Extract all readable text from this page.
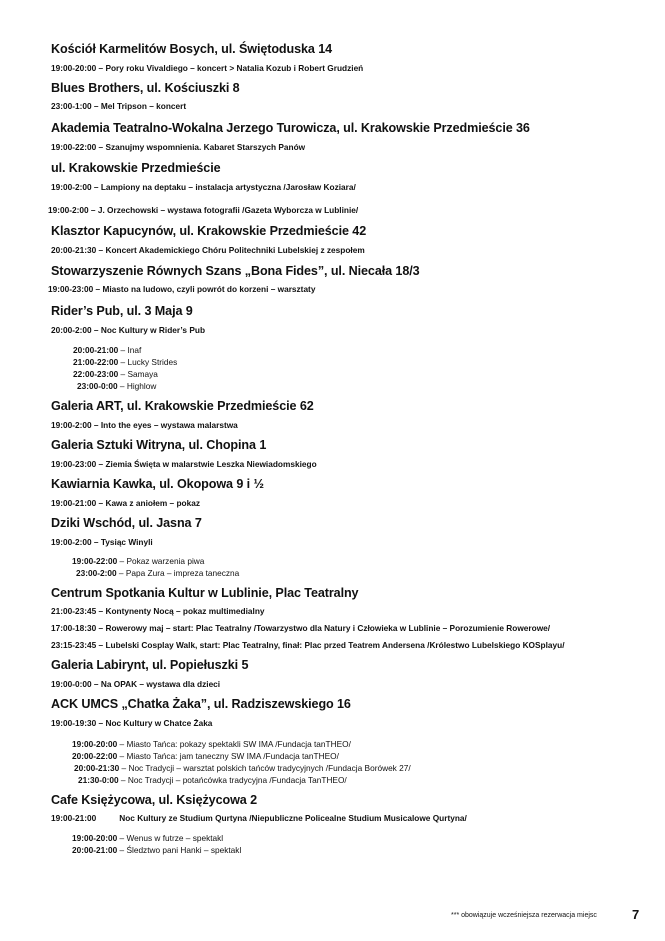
Kościół Karmelitów Bosych, ul. Świętoduska 14
19:00-20:00 – Pory roku Vivaldiego – koncert > Natalia Kozub i Robert Grudzień
Blues Brothers, ul. Kościuszki 8
23:00-1:00 – Mel Tripson – koncert
Akademia Teatralno-Wokalna Jerzego Turowicza, ul. Krakowskie Przedmieście 36
19:00-22:00 – Szanujmy wspomnienia. Kabaret Starszych Panów
ul. Krakowskie Przedmieście
19:00-2:00 – Lampiony na deptaku – instalacja artystyczna /Jarosław Koziara/
19:00-2:00 – J. Orzechowski – wystawa fotografii /Gazeta Wyborcza w Lublinie/
Klasztor Kapucynów, ul. Krakowskie Przedmieście 42
20:00-21:30 – Koncert Akademickiego Chóru Politechniki Lubelskiej z zespołem
Stowarzyszenie Równych Szans „Bona Fides”, ul. Niecała 18/3
19:00-23:00 – Miasto na ludowo, czyli powrót do korzeni – warsztaty
Rider’s Pub, ul. 3 Maja 9
20:00-2:00 – Noc Kultury w Rider’s Pub
20:00-21:00 – Inaf
21:00-22:00 – Lucky Strides
22:00-23:00 – Samaya
23:00-0:00 – Highlow
Galeria ART, ul. Krakowskie Przedmieście 62
19:00-2:00 – Into the eyes – wystawa malarstwa
Galeria Sztuki Witryna, ul. Chopina 1
19:00-23:00 – Ziemia Święta w malarstwie Leszka Niewiadomskiego
Kawiarnia Kawka, ul. Okopowa 9 i ½
19:00-21:00 – Kawa z aniołem – pokaz
Dziki Wschód, ul. Jasna 7
19:00-2:00 – Tysiąc Winyli
19:00-22:00 – Pokaz warzenia piwa
23:00-2:00 – Papa Zura – impreza taneczna
Centrum Spotkania Kultur w Lublinie, Plac Teatralny
21:00-23:45 – Kontynenty Nocą – pokaz multimedialny
17:00-18:30 – Rowerowy maj – start: Plac Teatralny /Towarzystwo dla Natury i Człowieka w Lublinie – Porozumienie Rowerowe/
23:15-23:45 – Lubelski Cosplay Walk, start: Plac Teatralny, finał: Plac przed Teatrem Andersena /Królestwo Lubelskiego KOSplayu/
Galeria Labirynt, ul. Popiełuszki 5
19:00-0:00 – Na OPAK – wystawa dla dzieci
ACK UMCS „Chatka Żaka”, ul. Radziszewskiego 16
19:00-19:30 – Noc Kultury w Chatce Żaka
19:00-20:00 – Miasto Tańca: pokazy spektakli SW IMA /Fundacja tanTHEO/
20:00-22:00 – Miasto Tańca: jam taneczny SW IMA /Fundacja tanTHEO/
20:00-21:30 – Noc Tradycji – warsztat polskich tańców tradycyjnych /Fundacja Borówek 27/
21:30-0:00 – Noc Tradycji – potańcówka tradycyjna /Fundacja TanTHEO/
Cafe Księżycowa, ul. Księżycowa 2
19:00-21:00	Noc Kultury ze Studium Qurtyna /Niepubliczne Policealne Studium Musicalowe Qurtyna/
19:00-20:00 – Wenus w futrze – spektakl
20:00-21:00 – Śledztwo pani Hanki – spektakl
*** obowiązuje wcześniejsza rezerwacja miejsc	7
